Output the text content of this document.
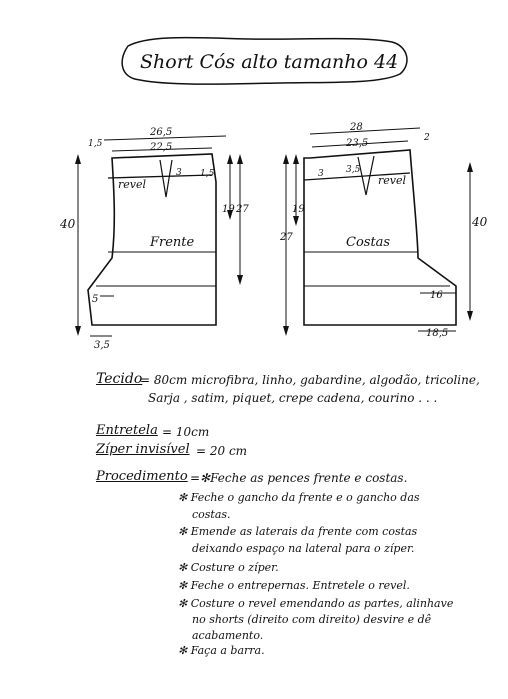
Short Cós alto tamanho 44
Frente
revel
26,5
22,5
1,5
3 1,5
40
19 27
5
3,5
Costas
revel
28
23,5	2
3,5
3
40
19
27
16
18,5
Tecido
= 80cm microfibra, linho, gabardine, algodão, tricoline,
Sarja , satim, piquet, crepe cadena, courino . . .
Entretela = 10cm
Zíper invisível = 20 cm
Procedimento =✻Feche as pences frente e costas.
✻ Feche o gancho da frente e o gancho das
costas.
✻ Emende as laterais da frente com costas
deixando espaço na lateral para o zíper.
✻ Costure o zíper.
✻ Feche o entrepernas. Entretele o revel.
✻ Costure o revel emendando as partes, alinhave
no shorts (direito com direito) desvire e dê
acabamento.
✻ Faça a barra.
